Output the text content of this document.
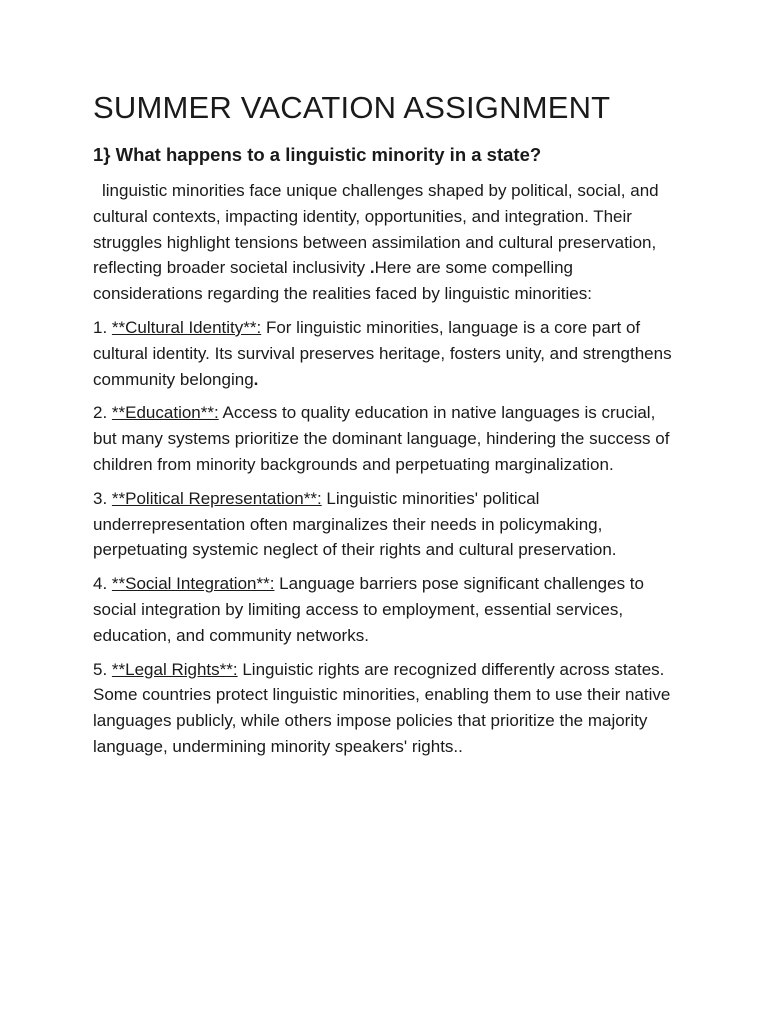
SUMMER VACATION ASSIGNMENT
1} What happens to a linguistic minority in a state?

linguistic minorities face unique challenges shaped by political, social, and cultural contexts, impacting identity, opportunities, and integration. Their struggles highlight tensions between assimilation and cultural preservation, reflecting broader societal inclusivity .Here are some compelling considerations regarding the realities faced by linguistic minorities:

1. **Cultural Identity**: For linguistic minorities, language is a core part of cultural identity. Its survival preserves heritage, fosters unity, and strengthens community belonging.

2. **Education**: Access to quality education in native languages is crucial, but many systems prioritize the dominant language, hindering the success of children from minority backgrounds and perpetuating marginalization.

3. **Political Representation**: Linguistic minorities' political underrepresentation often marginalizes their needs in policymaking, perpetuating systemic neglect of their rights and cultural preservation.

4. **Social Integration**: Language barriers pose significant challenges to social integration by limiting access to employment, essential services, education, and community networks.

5. **Legal Rights**: Linguistic rights are recognized differently across states. Some countries protect linguistic minorities, enabling them to use their native languages publicly, while others impose policies that prioritize the majority language, undermining minority speakers' rights..
